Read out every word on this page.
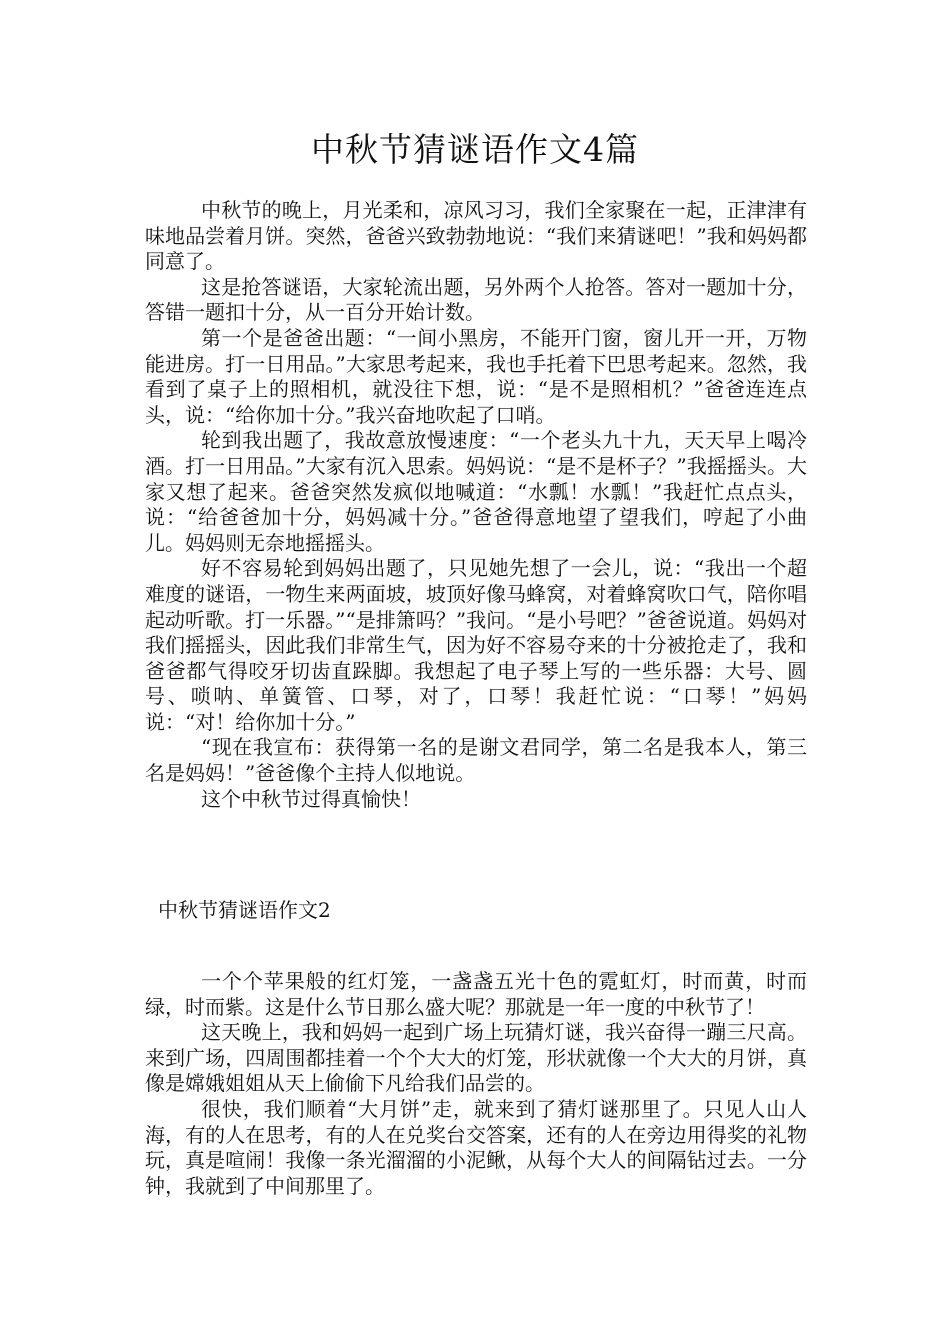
中秋节猜谜语作文4篇

中秋节的晚上，月光柔和，凉风习习，我们全家聚在一起，正津津有味地品尝着月饼。突然，爸爸兴致勃勃地说：“我们来猜谜吧！”我和妈妈都同意了。

这是抢答谜语，大家轮流出题，另外两个人抢答。答对一题加十分，答错一题扣十分，从一百分开始计数。

第一个是爸爸出题：“一间小黑房，不能开门窗，窗儿开一开，万物能进房。打一日用品。”大家思考起来，我也手托着下巴思考起来。忽然，我看到了桌子上的照相机，就没往下想，说：“是不是照相机？”爸爸连连点头，说：“给你加十分。”我兴奋地吹起了口哨。

轮到我出题了，我故意放慢速度：“一个老头九十九，天天早上喝冷酒。打一日用品。”大家有沉入思索。妈妈说：“是不是杯子？”我摇摇头。大家又想了起来。爸爸突然发疯似地喊道：“水瓢！水瓢！”我赶忙点点头，说：“给爸爸加十分，妈妈减十分。”爸爸得意地望了望我们，哼起了小曲儿。妈妈则无奈地摇摇头。

好不容易轮到妈妈出题了，只见她先想了一会儿，说：“我出一个超难度的谜语，一物生来两面坡，坡顶好像马蜂窝，对着蜂窝吹口气，陪你唱起动听歌。打一乐器。”“是排箫吗？”我问。“是小号吧？”爸爸说道。妈妈对我们摇摇头，因此我们非常生气，因为好不容易夺来的十分被抢走了，我和爸爸都气得咬牙切齿直跺脚。我想起了电子琴上写的一些乐器：大号、圆号、唢呐、单簧管、口琴，对了，口琴！我赶忙说：“口琴！”妈妈说：“对！给你加十分。”

“现在我宣布：获得第一名的是谢文君同学，第二名是我本人，第三名是妈妈！”爸爸像个主持人似地说。

这个中秋节过得真愉快！

中秋节猜谜语作文2

一个个苹果般的红灯笼，一盏盏五光十色的霓虹灯，时而黄，时而绿，时而紫。这是什么节日那么盛大呢？那就是一年一度的中秋节了！

这天晚上，我和妈妈一起到广场上玩猜灯谜，我兴奋得一蹦三尺高。来到广场，四周围都挂着一个个大大的灯笼，形状就像一个大大的月饼，真像是嫦娥姐姐从天上偷偷下凡给我们品尝的。

很快，我们顺着“大月饼”走，就来到了猜灯谜那里了。只见人山人海，有的人在思考，有的人在兑奖台交答案，还有的人在旁边用得奖的礼物玩，真是喧闹！我像一条光溜溜的小泥鳅，从每个大人的间隔钻过去。一分钟，我就到了中间那里了。
